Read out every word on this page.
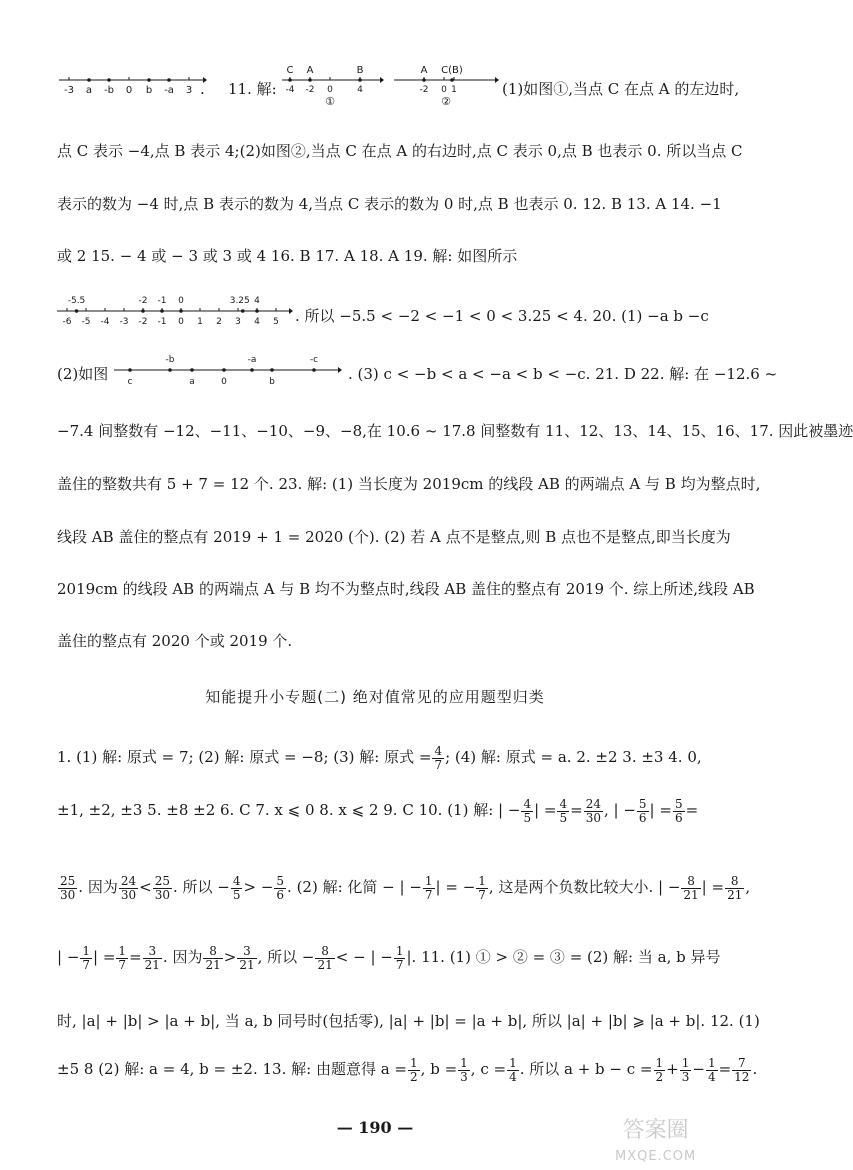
-3 a -b 0 b -a 3 .	11. 解:
C A	B
-4 -2 0	4
①
A C(B)
-2 0 1
②
(1)如图①,当点 C 在点 A 的左边时,
点 C 表示 −4,点 B 表示 4;(2)如图②,当点 C 在点 A 的右边时,点 C 表示 0,点 B 也表示 0. 所以当点 C
表示的数为 −4 时,点 B 表示的数为 4,当点 C 表示的数为 0 时,点 B 也表示 0. 12. B 13. A 14. −1
或 2 15. − 4 或 − 3 或 3 或 4 16. B 17. A 18. A 19. 解: 如图所示
-6 -5 -4 -3 -2 -1 0 1 2 3 4 5
-5.5	-2 -1 0	3.25 4
. 所以 −5.5 < −2 < −1 < 0 < 3.25 < 4. 20. (1) −a b −c
(2)如图
-b	-a	-c
c	a	0	b	. (3) c < −b < a < −a < b < −c. 21. D 22. 解: 在 −12.6 ~
−7.4 间整数有 −12、−11、−10、−9、−8,在 10.6 ~ 17.8 间整数有 11、12、13、14、15、16、17. 因此被墨迹
盖住的整数共有 5 + 7 = 12 个. 23. 解: (1) 当长度为 2019cm 的线段 AB 的两端点 A 与 B 均为整点时,
线段 AB 盖住的整点有 2019 + 1 = 2020 (个). (2) 若 A 点不是整点,则 B 点也不是整点,即当长度为
2019cm 的线段 AB 的两端点 A 与 B 均不为整点时,线段 AB 盖住的整点有 2019 个. 综上所述,线段 AB
盖住的整点有 2020 个或 2019 个.
知能提升小专题(二) 绝对值常见的应用题型归类
1. (1) 解: 原式 = 7; (2) 解: 原式 = −8; (3) 解: 原式 = $\frac{4}{7}$ ; (4) 解: 原式 = a. 2. ±2 3. ±3 4. 0,
±1, ±2, ±3 5. ±8 ±2 6. C 7. x ⩽ 0 8. x ⩽ 2 9. C 10. (1) 解: | − $\frac{4}{5}$ | = $\frac{4}{5} = \frac{24}{30}$ , | − $\frac{5}{6}$ | = $\frac{5}{6}$ =
$\frac{25}{30}$ . 因为 $\frac{24}{30} < \frac{25}{30}$ . 所以 − $\frac{4}{5}$ > − $\frac{5}{6}$ . (2) 解: 化简 − | − $\frac{1}{7}$ | = − $\frac{1}{7}$ , 这是两个负数比较大小. | − $\frac{8}{21}$ | = $\frac{8}{21}$ ,
| − $\frac{1}{7}$ | = $\frac{1}{7} = \frac{3}{21}$ . 因为 $\frac{8}{21} > \frac{3}{21}$ , 所以 − $\frac{8}{21}$ < − | − $\frac{1}{7}$ |. 11. (1) ① > ② = ③ = (2) 解: 当 a, b 异号
时, |a| + |b| > |a + b|, 当 a, b 同号时(包括零), |a| + |b| = |a + b|, 所以 |a| + |b| ⩾ |a + b|. 12. (1)
±5 8 (2) 解: a = 4, b = ±2. 13. 解: 由题意得 $a = \frac{1}{2}$ , $b = \frac{1}{3}$ , $c = \frac{1}{4}$ . 所以 $a + b - c = \frac{1}{2} + \frac{1}{3} - \frac{1}{4} = \frac{7}{12}$ .
— 190 —	答案圈
MXQE.COM
